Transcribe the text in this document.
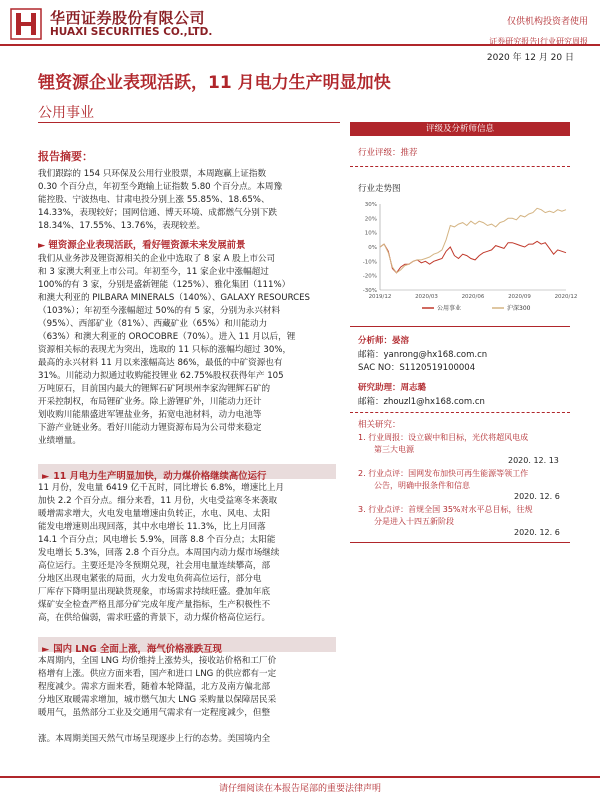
华西证券股份有限公司
HUAXI SECURITIES CO.,LTD.
仅供机构投资者使用
证券研究报告|行业研究周报
2020 年 12 月 20 日
锂资源企业表现活跃，11 月电力生产明显加快
公用事业
报告摘要：
我们跟踪的 154 只环保及公用行业股票，本周跑赢上证指数
0.30 个百分点，年初至今跑输上证指数 5.80 个百分点。本周豫
能控股、宁波热电、甘肃电投分别上涨 55.85%、18.65%、
14.33%，表现较好；国网信通、博天环境、成都燃气分别下跌
18.34%、17.55%、13.76%，表现较差。
► 锂资源企业表现活跃，看好锂资源未来发展前景
我们从业务涉及锂资源相关的企业中选取了 8 家 A 股上市公司
和 3 家澳大利亚上市公司。年初至今，11 家企业中涨幅超过
100%的有 3 家，分别是盛新锂能（125%）、雅化集团（111%）
和澳大利亚的 PILBARA MINERALS（140%）、GALAXY RESOURCES
（103%）；年初至今涨幅超过 50%的有 5 家，分别为永兴材料
（95%）、西部矿业（81%）、西藏矿业（65%）和川能动力
（63%）和澳大利亚的 OROCOBRE（70%）。进入 11 月以后，锂
资源相关标的表现尤为突出，选取的 11 只标的涨幅均超过 30%，
最高的永兴材料 11 月以来涨幅高达 86%，最低的中矿资源也有
31%。川能动力拟通过收购能投锂业 62.75%股权获得年产 105
万吨原石，目前国内最大的锂辉石矿阿坝州李家沟锂辉石矿的
开采控制权，布局锂矿业务。除上游锂矿外，川能动力还计
划收购川能鼎盛进军锂盐业务，拓宽电池材料，动力电池等
下游产业链业务。看好川能动力锂资源布局为公司带来稳定
业绩增量。
► 11 月电力生产明显加快，动力煤价格继续高位运行
11 月份，发电量 6419 亿千瓦时，同比增长 6.8%，增速比上月
加快 2.2 个百分点。细分来看，11 月份，火电受益寒冬来袭取
暖增需求增大，火电发电量增速由负转正，水电、风电、太阳
能发电增速则出现回落，其中水电增长 11.3%，比上月回落
14.1 个百分点；风电增长 5.9%，回落 8.8 个百分点；太阳能
发电增长 5.3%，回落 2.8 个百分点。本周国内动力煤市场继续
高位运行。主要还是冷冬预期兑现，社会用电量连续攀高，部
分地区出现电紧张的局面，火力发电负荷高位运行，部分电
厂库存下降明显出现缺货现象，市场需求持续旺盛。叠加年底
煤矿安全检查严格且部分矿完成年度产量指标，生产积极性不
高，在供给偏弱，需求旺盛的背景下，动力煤价格高位运行。
► 国内 LNG 全面上涨，海气价格涨跌互现
本周期内，全国 LNG 均价维持上涨势头，接收站价格和工厂价
格增有上涨。供应方面来看，国产和进口 LNG 的供应都有一定
程度减少。需求方面来看，随着本轮降温，北方及南方偏北部
分地区取暖需求增加，城市燃气加大 LNG 采购量以保障居民采
暖用气，虽然部分工业及交通用气需求有一定程度减少，但整
涨。本周期美国天然气市场呈现逐步上行的态势。美国境内全
评级及分析师信息
行业评级：推荐
行业走势图
30%
20%
10%
0%
-10%
-20%
-30%
2019/12	2020/03	2020/06	2020/09	2020/12
公用事业	沪深300
分析师：晏溶
邮箱：yanrong@hx168.com.cn
SAC NO：S1120519100004
研究助理：周志璐
邮箱：zhouzl1@hx168.com.cn
相关研究：
1. 行业周报：设立碳中和目标，光伏将超风电成
第三大电源
2020. 12. 13
2. 行业点评：国网发布加快可再生能源等领工作
公告，明确中报条件和信息
2020. 12. 6
3. 行业点评：首规全国 35%对水平总目标，往规
分是进入十四五新阶段
2020. 12. 6
请仔细阅读在本报告尾部的重要法律声明
